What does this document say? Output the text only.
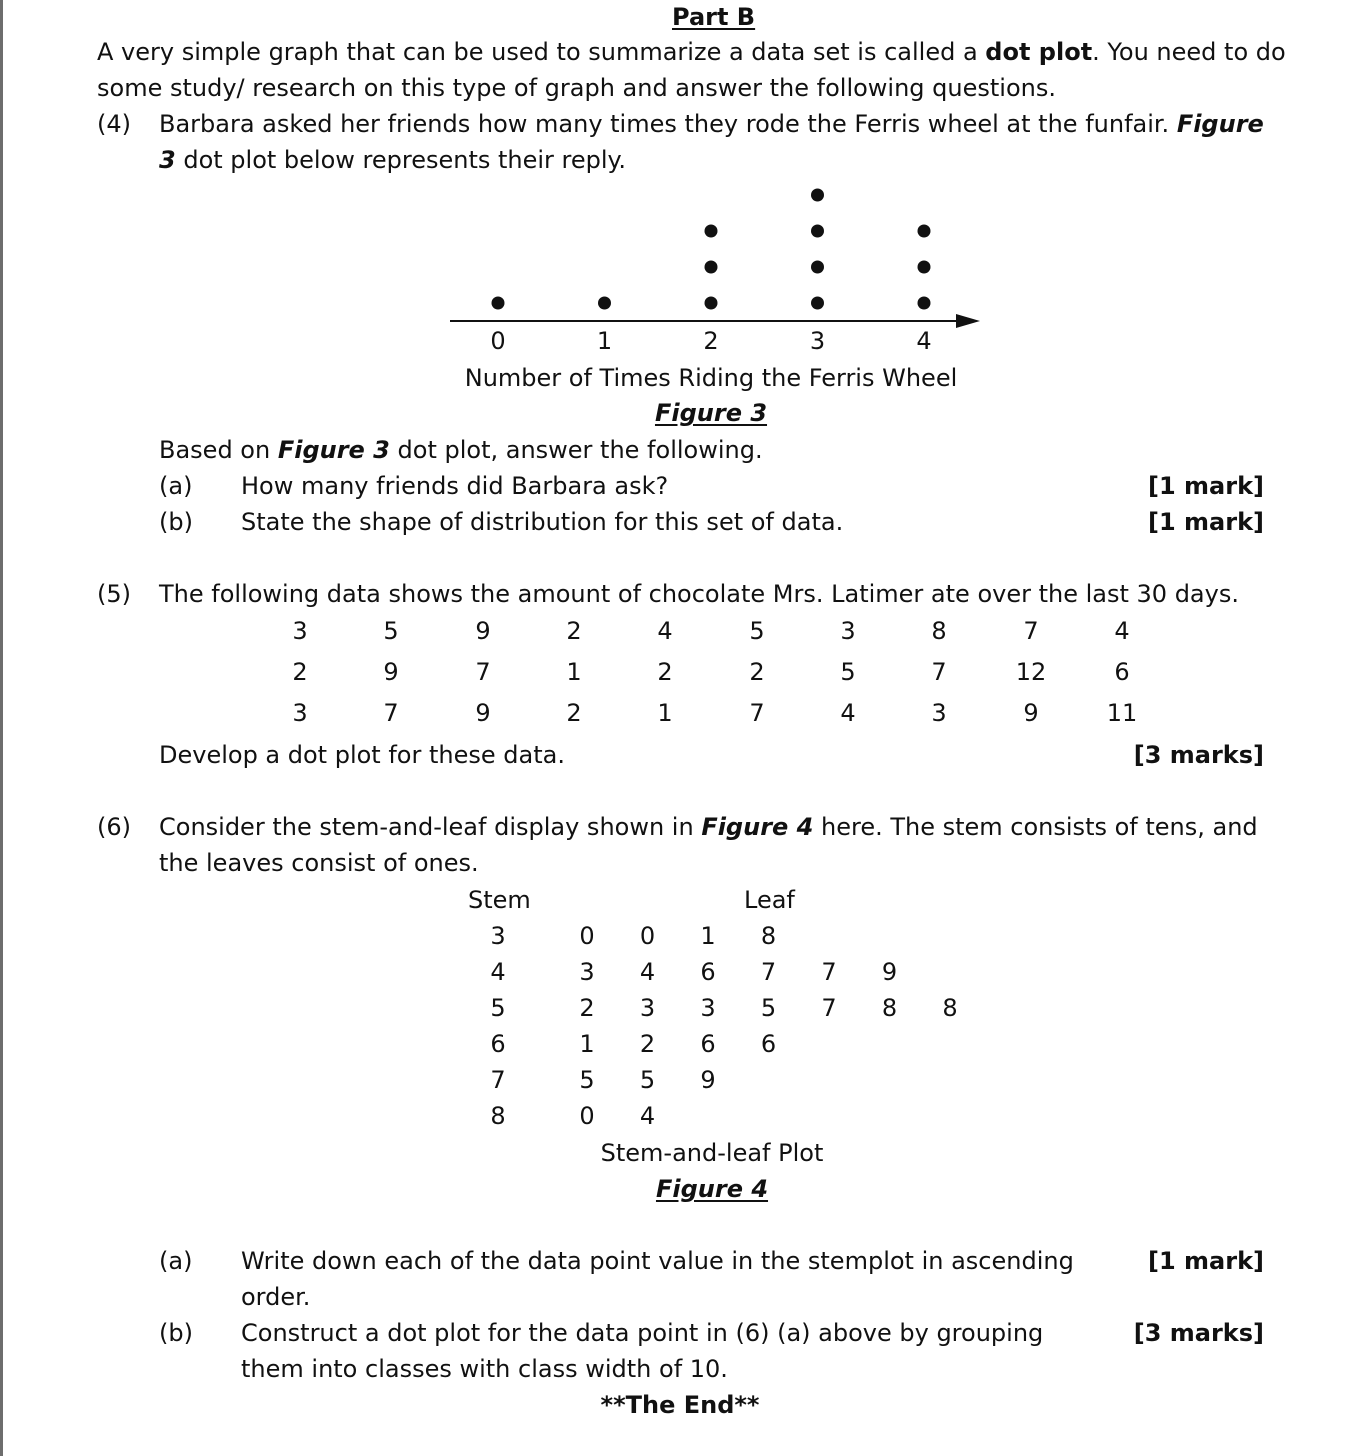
Part B
A very simple graph that can be used to summarize a data set is called a dot plot. You need to do
some study/ research on this type of graph and answer the following questions.
(4) Barbara asked her friends how many times they rode the Ferris wheel at the funfair. Figure
3 dot plot below represents their reply.
0	1	2	3	4
Number of Times Riding the Ferris Wheel
Figure 3
Based on Figure 3 dot plot, answer the following.
(a) How many friends did Barbara ask?	[1 mark]
(b) State the shape of distribution for this set of data.	[1 mark]
(5) The following data shows the amount of chocolate Mrs. Latimer ate over the last 30 days.
3	5	9	2	4	5	3	8	7	4
2	9	7	1	2	2	5	7	12	6
3	7	9	2	1	7	4	3	9	11
Develop a dot plot for these data.	[3 marks]
(6) Consider the stem-and-leaf display shown in Figure 4 here. The stem consists of tens, and
the leaves consist of ones.
Stem	Leaf
3	0	0	1	8
4	3	4	6	7	7	9
5	2	3	3	5	7	8	8
6	1	2	6	6
7	5	5	9
8	0	4
Stem-and-leaf Plot
Figure 4
(a) Write down each of the data point value in the stemplot in ascending
order.
[1 mark]
(b) Construct a dot plot for the data point in (6) (a) above by grouping
them into classes with class width of 10.
[3 marks]
**The End**
